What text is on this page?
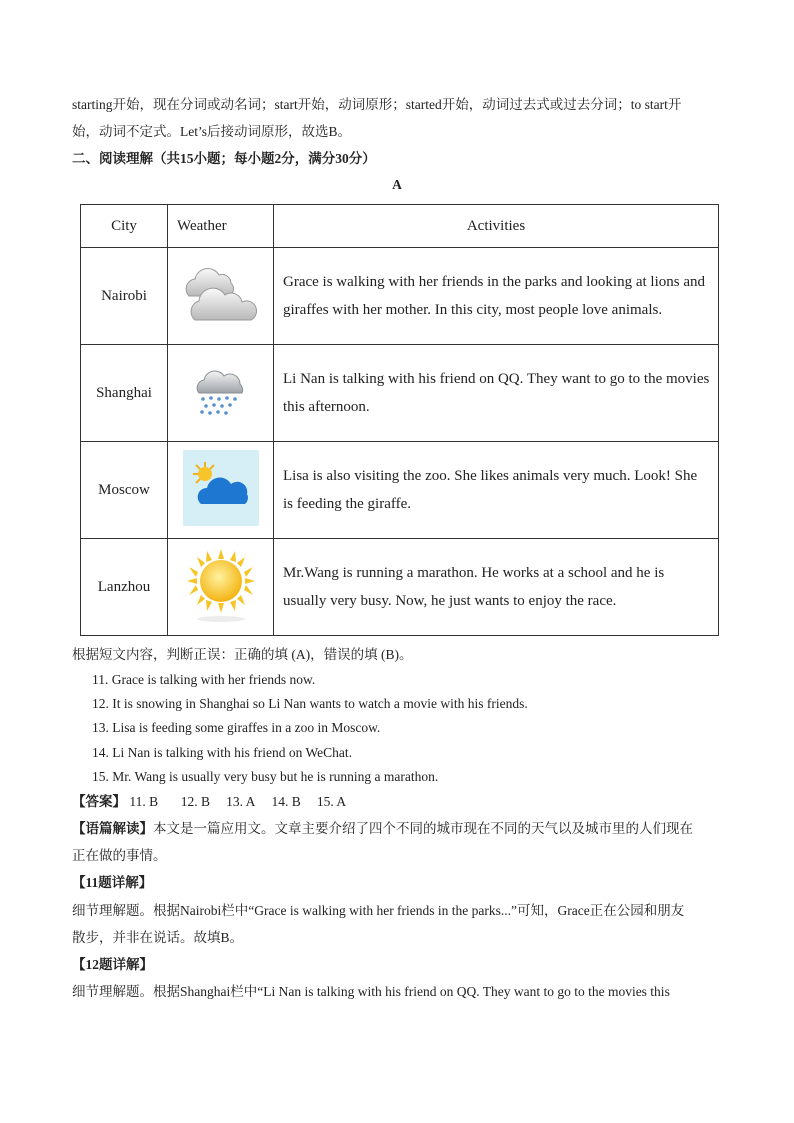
starting开始，现在分词或动名词；start开始，动词原形；started开始，动词过去式或过去分词；to start开
始，动词不定式。Let’s后接动词原形，故选B。
二、阅读理解（共15小题；每小题2分，满分30分）
A
City	Weather	Activities
Nairobi		Grace is walking with her friends in the parks and looking at lions and giraffes with her mother. In this city, most people love animals.
Shanghai		Li Nan is talking with his friend on QQ. They want to go to the movies this afternoon.
Moscow		Lisa is also visiting the zoo. She likes animals very much. Look! She is feeding the giraffe.
Lanzhou		Mr.Wang is running a marathon. He works at a school and he is usually very busy. Now, he just wants to enjoy the race.
根据短文内容，判断正误：正确的填 (A)，错误的填 (B)。
11. Grace is talking with her friends now.
12. It is snowing in Shanghai so Li Nan wants to watch a movie with his friends.
13. Lisa is feeding some giraffes in a zoo in Moscow.
14. Li Nan is talking with his friend on WeChat.
15. Mr. Wang is usually very busy but he is running a marathon.
【答案】 11. B 12. B 13. A 14. B 15. A
【语篇解读】本文是一篇应用文。文章主要介绍了四个不同的城市现在不同的天气以及城市里的人们现在
正在做的事情。
【11题详解】
细节理解题。根据Nairobi栏中“Grace is walking with her friends in the parks...”可知，Grace正在公园和朋友
散步，并非在说话。故填B。
【12题详解】
细节理解题。根据Shanghai栏中“Li Nan is talking with his friend on QQ. They want to go to the movies this
